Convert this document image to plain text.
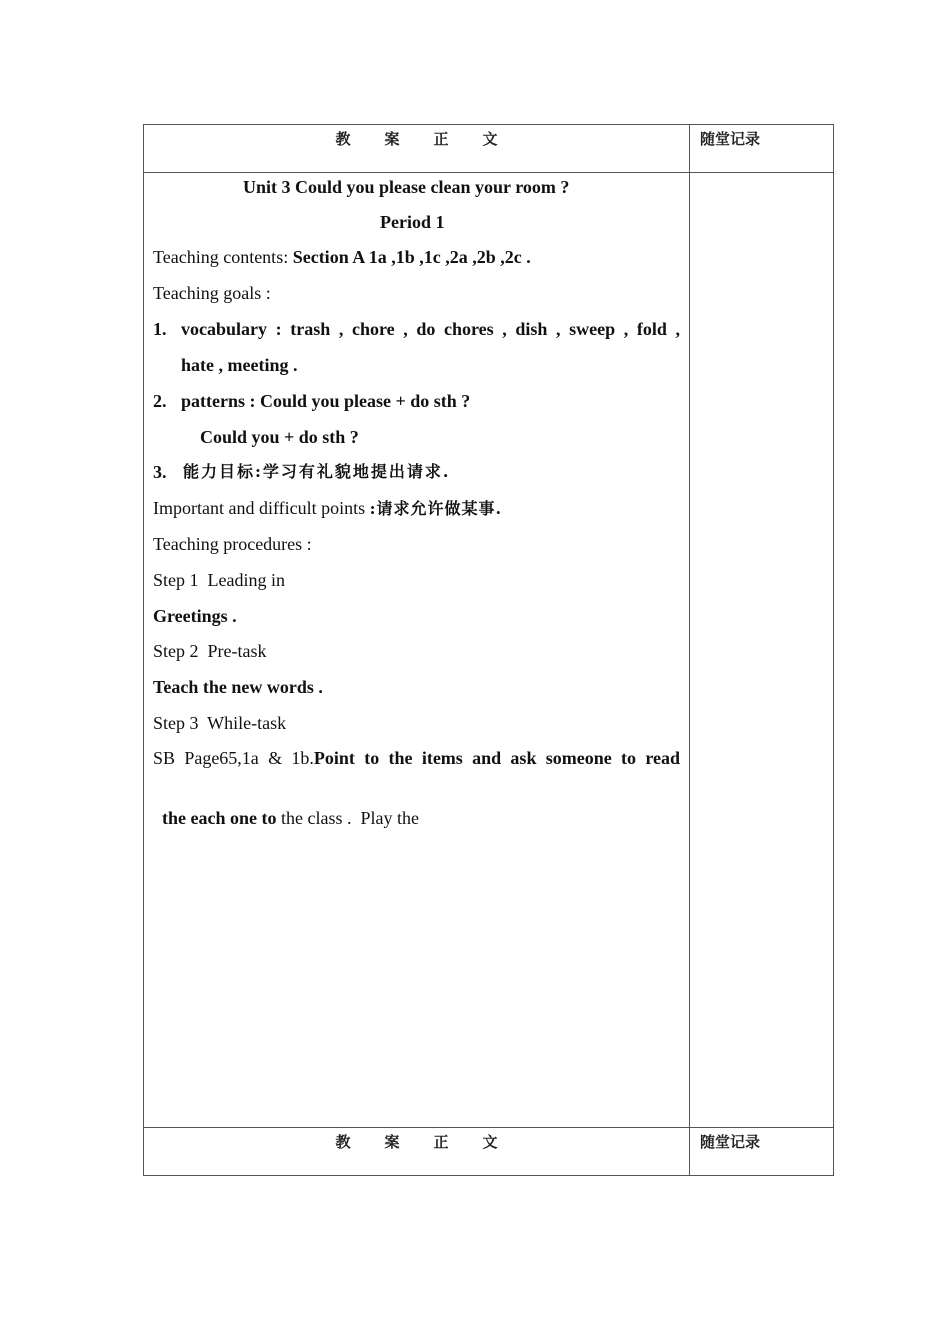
教 案 正 文	随堂记录
Unit 3 Could you please clean your room ?
Period 1
Teaching contents: Section A 1a ,1b ,1c ,2a ,2b ,2c .
Teaching goals :
1. vocabulary : trash , chore , do chores , dish , sweep , fold ,
hate , meeting .
2. patterns : Could you please + do sth ?
Could you + do sth ?
3. 能力目标:学习有礼貌地提出请求.
Important and difficult points :请求允许做某事.
Teaching procedures :
Step 1  Leading in
Greetings .
Step 2  Pre-task
Teach the new words .
Step 3  While-task
SB Page65,1a & 1b.Point to the items and ask someone to read

the each one to the class .  Play the

教 案 正 文	随堂记录
